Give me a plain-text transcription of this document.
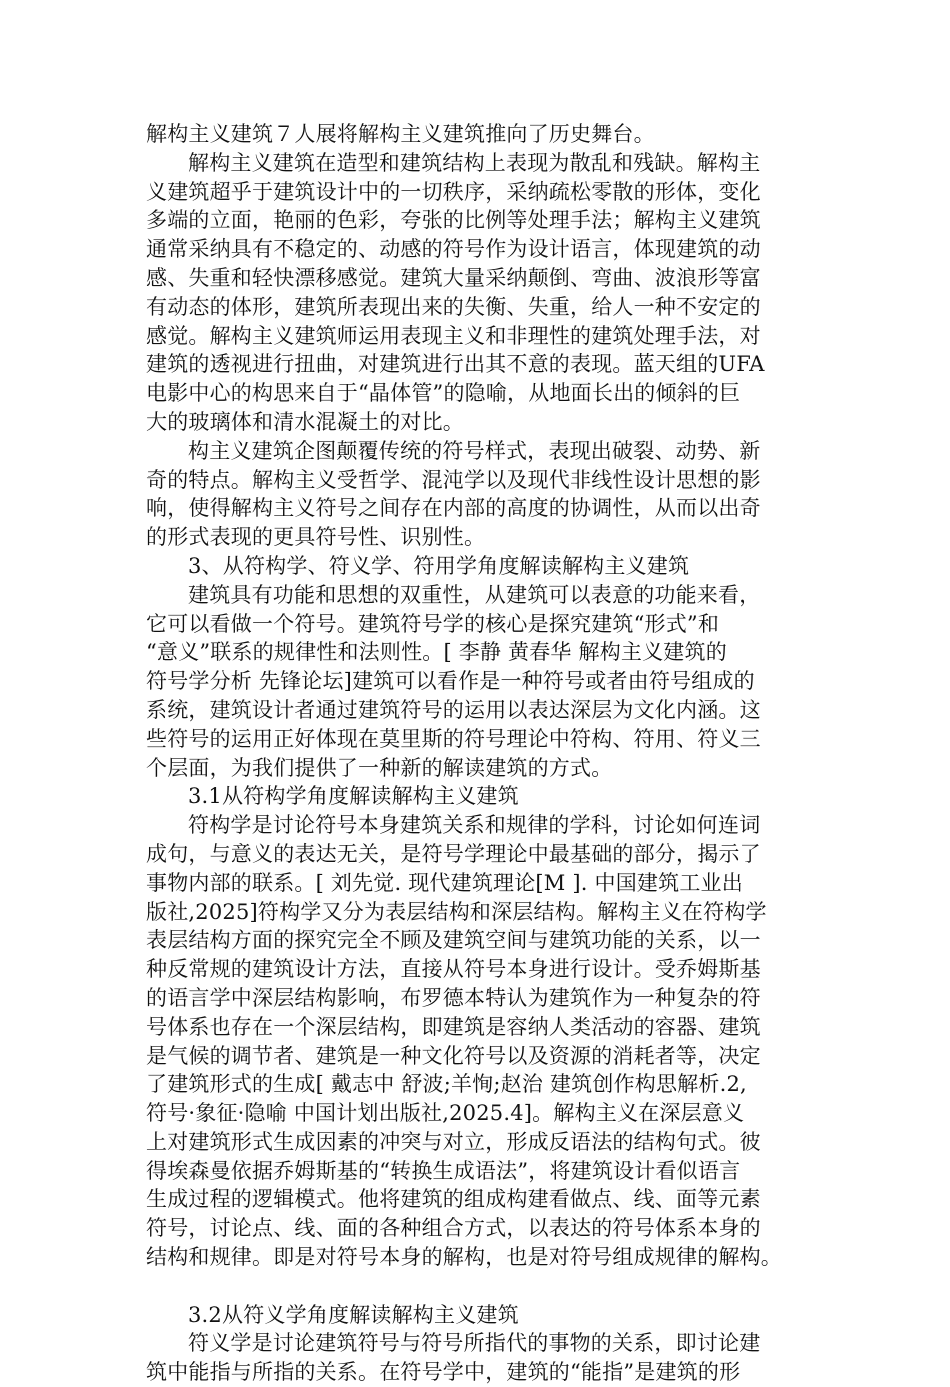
解构主义建筑７人展将解构主义建筑推向了历史舞台。
解构主义建筑在造型和建筑结构上表现为散乱和残缺。解构主
义建筑超乎于建筑设计中的一切秩序，采纳疏松零散的形体，变化
多端的立面，艳丽的色彩，夸张的比例等处理手法；解构主义建筑
通常采纳具有不稳定的、动感的符号作为设计语言，体现建筑的动
感、失重和轻快漂移感觉。建筑大量采纳颠倒、弯曲、波浪形等富
有动态的体形，建筑所表现出来的失衡、失重，给人一种不安定的
感觉。解构主义建筑师运用表现主义和非理性的建筑处理手法，对
建筑的透视进行扭曲，对建筑进行出其不意的表现。蓝天组的UFA
电影中心的构思来自于“晶体管”的隐喻，从地面长出的倾斜的巨
大的玻璃体和清水混凝土的对比。
构主义建筑企图颠覆传统的符号样式，表现出破裂、动势、新
奇的特点。解构主义受哲学、混沌学以及现代非线性设计思想的影
响，使得解构主义符号之间存在内部的高度的协调性，从而以出奇
的形式表现的更具符号性、识别性。
3、从符构学、符义学、符用学角度解读解构主义建筑
建筑具有功能和思想的双重性，从建筑可以表意的功能来看，
它可以看做一个符号。建筑符号学的核心是探究建筑“形式”和
“意义”联系的规律性和法则性。[ 李静 黄春华 解构主义建筑的
符号学分析 先锋论坛]建筑可以看作是一种符号或者由符号组成的
系统，建筑设计者通过建筑符号的运用以表达深层为文化内涵。这
些符号的运用正好体现在莫里斯的符号理论中符构、符用、符义三
个层面，为我们提供了一种新的解读建筑的方式。
3.1从符构学角度解读解构主义建筑
符构学是讨论符号本身建筑关系和规律的学科，讨论如何连词
成句，与意义的表达无关，是符号学理论中最基础的部分，揭示了
事物内部的联系。[ 刘先觉. 现代建筑理论[M ]. 中国建筑工业出
版社,2025]符构学又分为表层结构和深层结构。解构主义在符构学
表层结构方面的探究完全不顾及建筑空间与建筑功能的关系，以一
种反常规的建筑设计方法，直接从符号本身进行设计。受乔姆斯基
的语言学中深层结构影响，布罗德本特认为建筑作为一种复杂的符
号体系也存在一个深层结构，即建筑是容纳人类活动的容器、建筑
是气候的调节者、建筑是一种文化符号以及资源的消耗者等，决定
了建筑形式的生成[ 戴志中 舒波;羊恂;赵治 建筑创作构思解析.2,
符号·象征·隐喻 中国计划出版社,2025.4]。解构主义在深层意义
上对建筑形式生成因素的冲突与对立，形成反语法的结构句式。彼
得埃森曼依据乔姆斯基的“转换生成语法”，将建筑设计看似语言
生成过程的逻辑模式。他将建筑的组成构建看做点、线、面等元素
符号，讨论点、线、面的各种组合方式，以表达的符号体系本身的
结构和规律。即是对符号本身的解构，也是对符号组成规律的解构。
3.2从符义学角度解读解构主义建筑
符义学是讨论建筑符号与符号所指代的事物的关系，即讨论建
筑中能指与所指的关系。在符号学中，建筑的“能指”是建筑的形
